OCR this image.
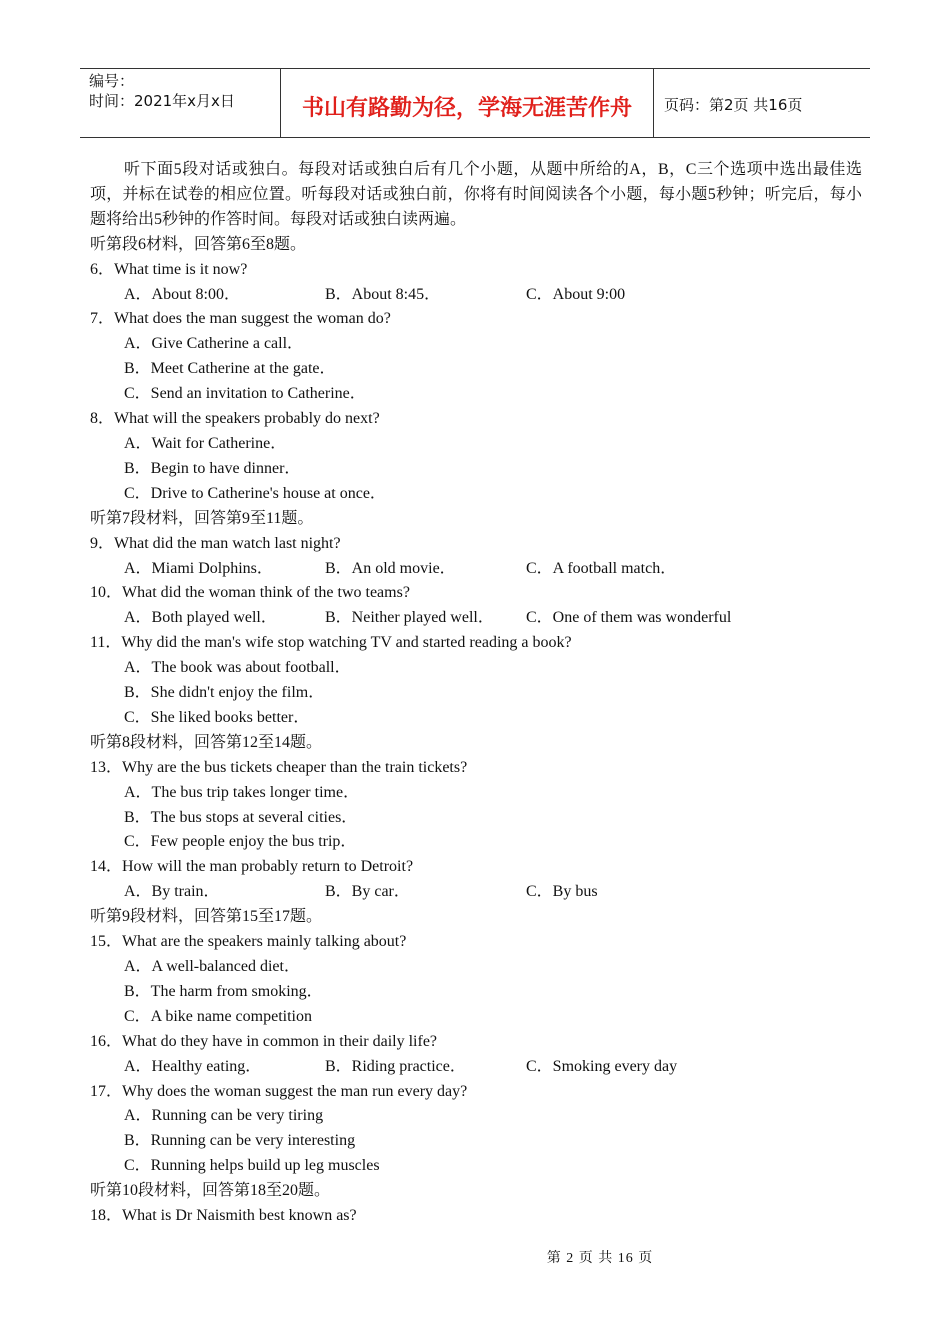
编号：
时间：2021年x月x日	书山有路勤为径，学海无涯苦作舟	页码：第2页 共16页
听下面5段对话或独白。每段对话或独白后有几个小题，从题中所给的A，B，C三个选项中选出最佳选项，并标在试卷的相应位置。听每段对话或独白前，你将有时间阅读各个小题，每小题5秒钟；听完后，每小题将给出5秒钟的作答时间。每段对话或独白读两遍。
听第段6材料，回答第6至8题。
6．What time is it now?
A．About 8:00．	B．About 8:45．	C．About 9:00
7．What does the man suggest the woman do?
A．Give Catherine a call．
B．Meet Catherine at the gate．
C．Send an invitation to Catherine．
8．What will the speakers probably do next?
A．Wait for Catherine．
B．Begin to have dinner．
C．Drive to Catherine's house at once．
听第7段材料，回答第9至11题。
9．What did the man watch last night?
A．Miami Dolphins．	B．An old movie．	C．A football match．
10．What did the woman think of the two teams?
A．Both played well．	B．Neither played well．	C．One of them was wonderful
11．Why did the man's wife stop watching TV and started reading a book?
A．The book was about football．
B．She didn't enjoy the film．
C．She liked books better．
听第8段材料，回答第12至14题。
13．Why are the bus tickets cheaper than the train tickets?
A．The bus trip takes longer time．
B．The bus stops at several cities．
C．Few people enjoy the bus trip．
14．How will the man probably return to Detroit?
A．By train．	B．By car．	C．By bus
听第9段材料，回答第15至17题。
15．What are the speakers mainly talking about?
A．A well-balanced diet．
B．The harm from smoking．
C．A bike name competition
16．What do they have in common in their daily life?
A．Healthy eating．	B．Riding practice．	C．Smoking every day
17．Why does the woman suggest the man run every day?
A．Running can be very tiring
B．Running can be very interesting
C．Running helps build up leg muscles
听第10段材料，回答第18至20题。
18．What is Dr Naismith best known as?
第 2 页 共 16 页
